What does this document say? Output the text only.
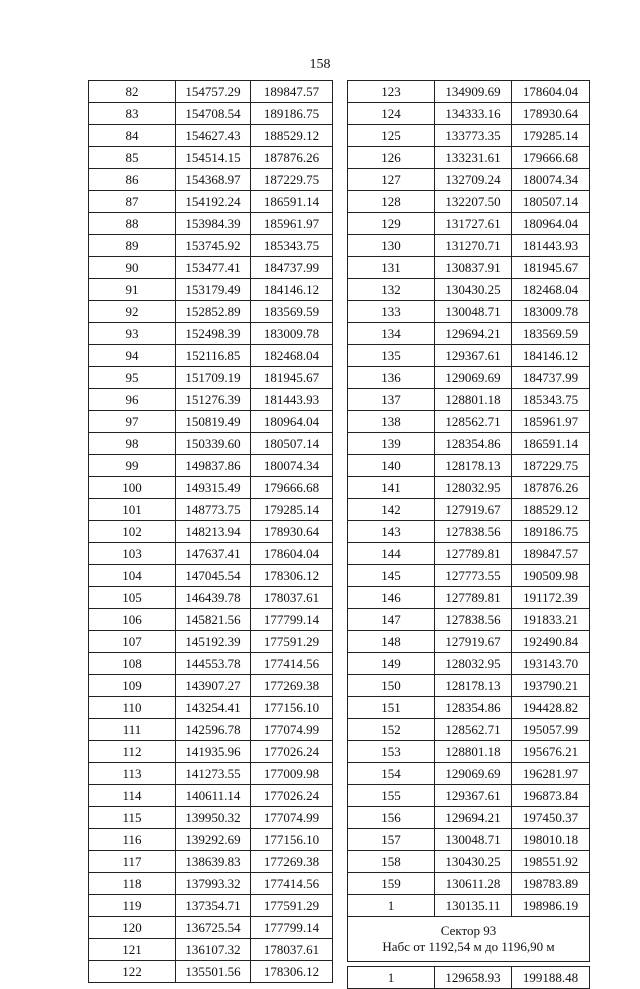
158
82	154757.29	189847.57
83	154708.54	189186.75
84	154627.43	188529.12
85	154514.15	187876.26
86	154368.97	187229.75
87	154192.24	186591.14
88	153984.39	185961.97
89	153745.92	185343.75
90	153477.41	184737.99
91	153179.49	184146.12
92	152852.89	183569.59
93	152498.39	183009.78
94	152116.85	182468.04
95	151709.19	181945.67
96	151276.39	181443.93
97	150819.49	180964.04
98	150339.60	180507.14
99	149837.86	180074.34
100	149315.49	179666.68
101	148773.75	179285.14
102	148213.94	178930.64
103	147637.41	178604.04
104	147045.54	178306.12
105	146439.78	178037.61
106	145821.56	177799.14
107	145192.39	177591.29
108	144553.78	177414.56
109	143907.27	177269.38
110	143254.41	177156.10
111	142596.78	177074.99
112	141935.96	177026.24
113	141273.55	177009.98
114	140611.14	177026.24
115	139950.32	177074.99
116	139292.69	177156.10
117	138639.83	177269.38
118	137993.32	177414.56
119	137354.71	177591.29
120	136725.54	177799.14
121	136107.32	178037.61
122	135501.56	178306.12
123	134909.69	178604.04
124	134333.16	178930.64
125	133773.35	179285.14
126	133231.61	179666.68
127	132709.24	180074.34
128	132207.50	180507.14
129	131727.61	180964.04
130	131270.71	181443.93
131	130837.91	181945.67
132	130430.25	182468.04
133	130048.71	183009.78
134	129694.21	183569.59
135	129367.61	184146.12
136	129069.69	184737.99
137	128801.18	185343.75
138	128562.71	185961.97
139	128354.86	186591.14
140	128178.13	187229.75
141	128032.95	187876.26
142	127919.67	188529.12
143	127838.56	189186.75
144	127789.81	189847.57
145	127773.55	190509.98
146	127789.81	191172.39
147	127838.56	191833.21
148	127919.67	192490.84
149	128032.95	193143.70
150	128178.13	193790.21
151	128354.86	194428.82
152	128562.71	195057.99
153	128801.18	195676.21
154	129069.69	196281.97
155	129367.61	196873.84
156	129694.21	197450.37
157	130048.71	198010.18
158	130430.25	198551.92
159	130611.28	198783.89
1	130135.11	198986.19

Сектор 93
Набс от 1192,54 м до 1196,90 м		

1	129658.93	199188.48
